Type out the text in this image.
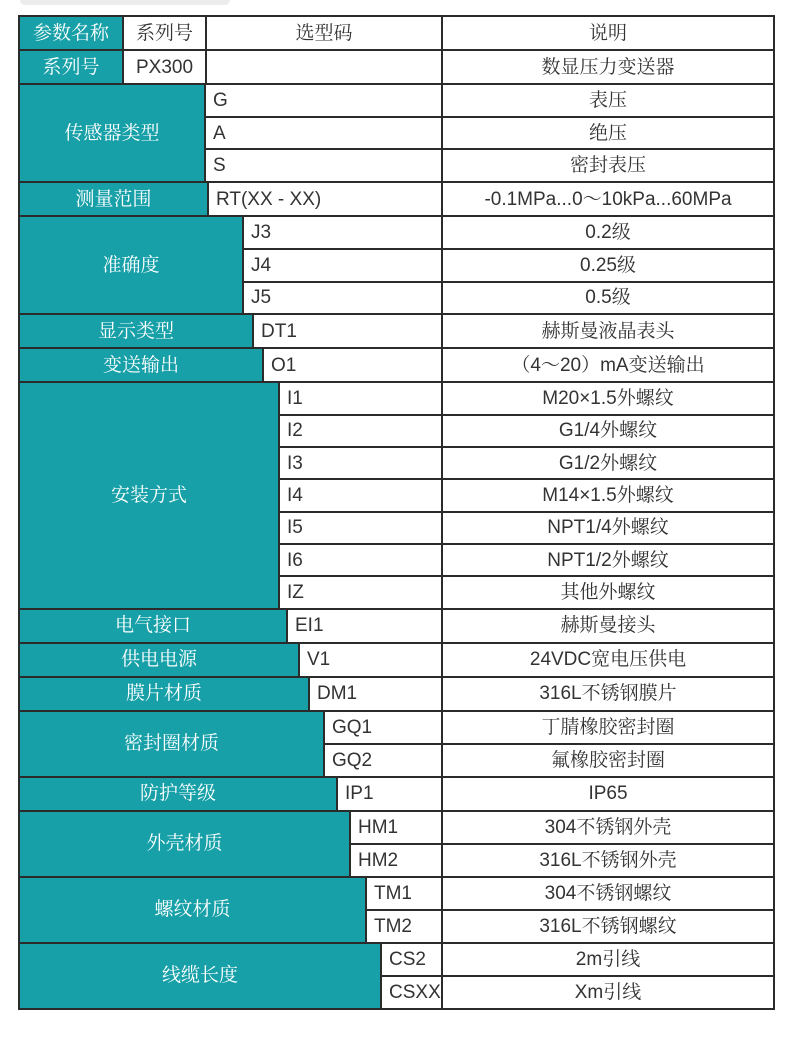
参数名称	系列号	选型码	说明
系列号	PX300	数显压力变送器
传感器类型
G	表压
A	绝压
S	密封表压
测量范围	RT(XX - XX)	-0.1MPa...0～10kPa...60MPa
准确度
J3	0.2级
J4	0.25级
J5	0.5级
显示类型	DT1	赫斯曼液晶表头
变送输出	O1	（4～20）mA变送输出
安装方式
I1	M20×1.5外螺纹
I2	G1/4外螺纹
I3	G1/2外螺纹
I4	M14×1.5外螺纹
I5	NPT1/4外螺纹
I6	NPT1/2外螺纹
IZ	其他外螺纹
电气接口	EI1	赫斯曼接头
供电电源	V1	24VDC宽电压供电
膜片材质	DM1	316L不锈钢膜片
密封圈材质
GQ1	丁腈橡胶密封圈
GQ2	氟橡胶密封圈
防护等级	IP1	IP65
外壳材质
HM1	304不锈钢外壳
HM2	316L不锈钢外壳
螺纹材质
TM1	304不锈钢螺纹
TM2	316L不锈钢螺纹
线缆长度
CS2	2m引线
CSXX	Xm引线
